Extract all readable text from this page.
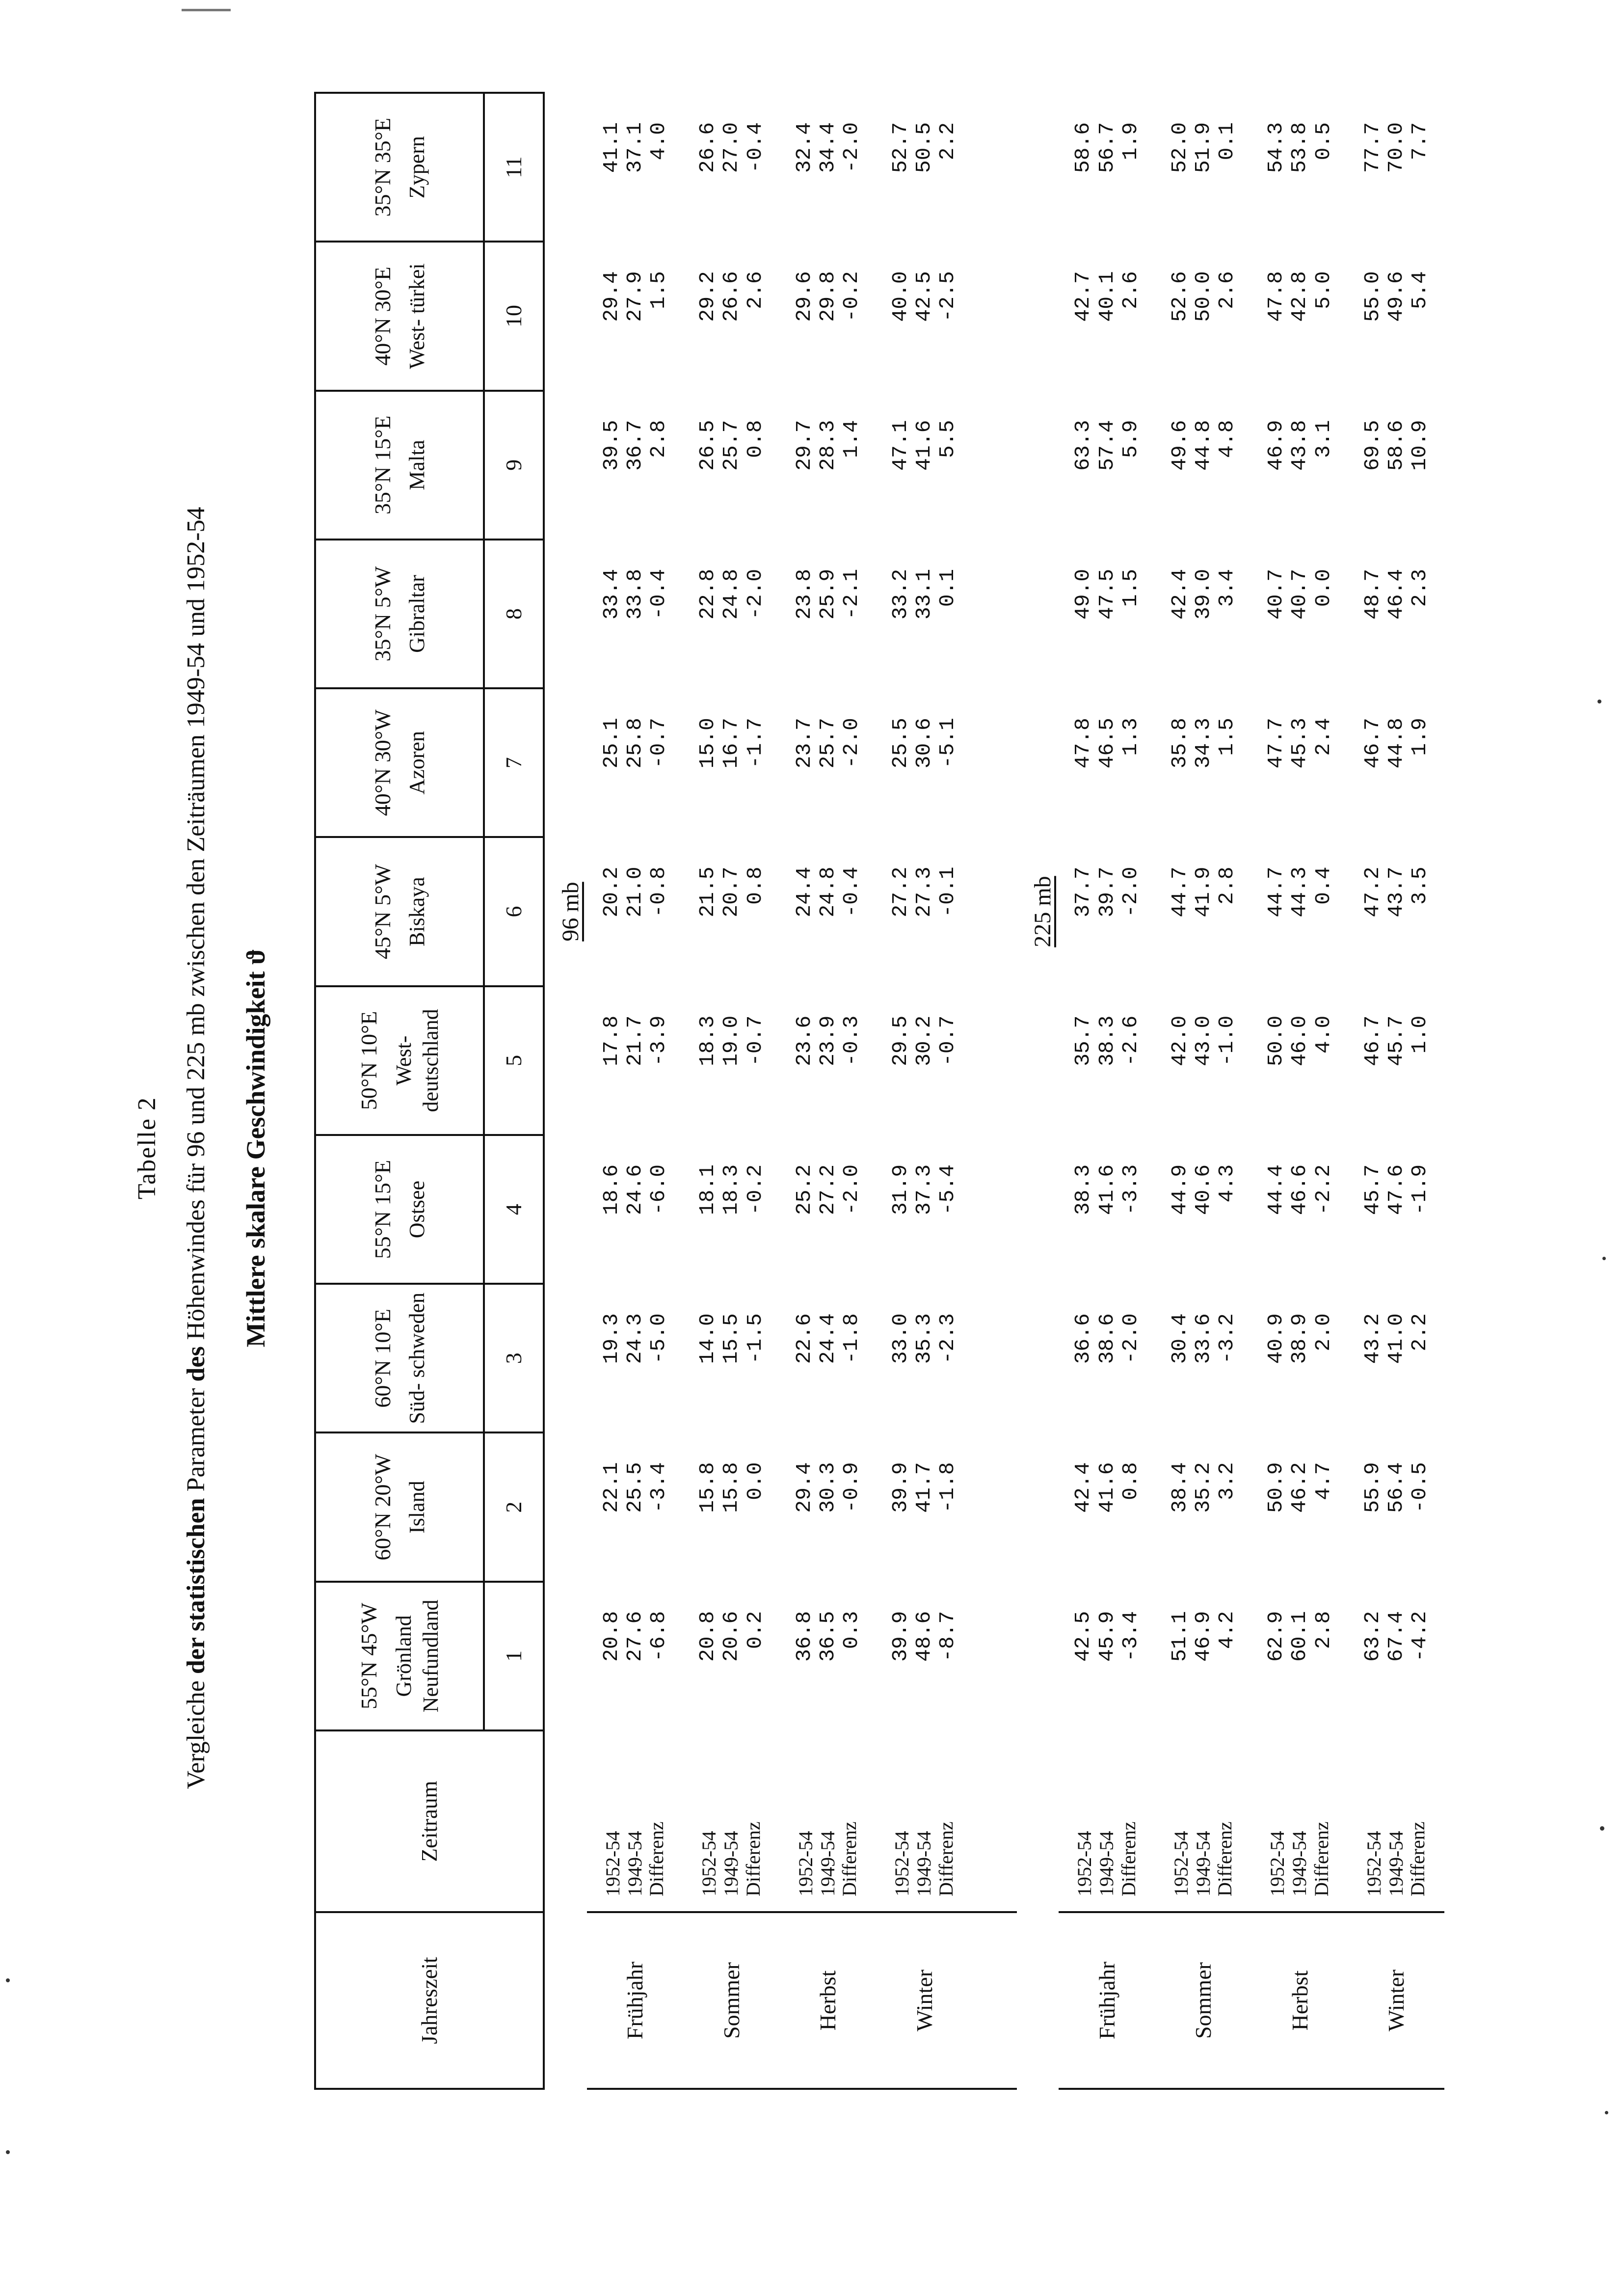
Tabelle 2
Vergleiche der statistischen Parameter des Höhenwindes für 96 und 225 mb zwischen den Zeiträumen 1949-54 und 1952-54 Mittlere skalare Geschwindigkeit ϑ
Jahreszeit	Zeitraum	55°N 45°W Grönland Neufundland	60°N 20°W Island	60°N 10°E Süd- schweden	55°N 15°E Ostsee	50°N 10°E West- deutschland	45°N 5°W Biskaya	40°N 30°W Azoren	35°N 5°W Gibraltar	35°N 15°E Malta	40°N 30°E West- türkei	35°N 35°E Zypern

		1	2	3	4	5	6	7	8	9	10	11
		96 mb										
Frühjahr	1952-54 1949-54 Differenz	20.8 27.6 -6.8	22.1 25.5 -3.4	19.3 24.3 -5.0	18.6 24.6 -6.0	17.8 21.7 -3.9	20.2 21.0 -0.8	25.1 25.8 -0.7	33.4 33.8 -0.4	39.5 36.7 2.8	29.4 27.9 1.5	41.1 37.1 4.0

Sommer	1952-54 1949-54 Differenz	20.8 20.6 0.2	15.8 15.8 0.0	14.0 15.5 -1.5	18.1 18.3 -0.2	18.3 19.0 -0.7	21.5 20.7 0.8	15.0 16.7 -1.7	22.8 24.8 -2.0	26.5 25.7 0.8	29.2 26.6 2.6	26.6 27.0 -0.4

Herbst	1952-54 1949-54 Differenz	36.8 36.5 0.3	29.4 30.3 -0.9	22.6 24.4 -1.8	25.2 27.2 -2.0	23.6 23.9 -0.3	24.4 24.8 -0.4	23.7 25.7 -2.0	23.8 25.9 -2.1	29.7 28.3 1.4	29.6 29.8 -0.2	32.4 34.4 -2.0

Winter	1952-54 1949-54 Differenz	39.9 48.6 -8.7	39.9 41.7 -1.8	33.0 35.3 -2.3	31.9 37.3 -5.4	29.5 30.2 -0.7	27.2 27.3 -0.1	25.5 30.6 -5.1	33.2 33.1 0.1	47.1 41.6 5.5	40.0 42.5 -2.5	52.7 50.5 2.2

		225 mb										
Frühjahr	1952-54 1949-54 Differenz	42.5 45.9 -3.4	42.4 41.6 0.8	36.6 38.6 -2.0	38.3 41.6 -3.3	35.7 38.3 -2.6	37.7 39.7 -2.0	47.8 46.5 1.3	49.0 47.5 1.5	63.3 57.4 5.9	42.7 40.1 2.6	58.6 56.7 1.9

Sommer	1952-54 1949-54 Differenz	51.1 46.9 4.2	38.4 35.2 3.2	30.4 33.6 -3.2	44.9 40.6 4.3	42.0 43.0 -1.0	44.7 41.9 2.8	35.8 34.3 1.5	42.4 39.0 3.4	49.6 44.8 4.8	52.6 50.0 2.6	52.0 51.9 0.1

Herbst	1952-54 1949-54 Differenz	62.9 60.1 2.8	50.9 46.2 4.7	40.9 38.9 2.0	44.4 46.6 -2.2	50.0 46.0 4.0	44.7 44.3 0.4	47.7 45.3 2.4	40.7 40.7 0.0	46.9 43.8 3.1	47.8 42.8 5.0	54.3 53.8 0.5

Winter	1952-54 1949-54 Differenz	63.2 67.4 -4.2	55.9 56.4 -0.5	43.2 41.0 2.2	45.7 47.6 -1.9	46.7 45.7 1.0	47.2 43.7 3.5	46.7 44.8 1.9	48.7 46.4 2.3	69.5 58.6 10.9	55.0 49.6 5.4	77.7 70.0 7.7
